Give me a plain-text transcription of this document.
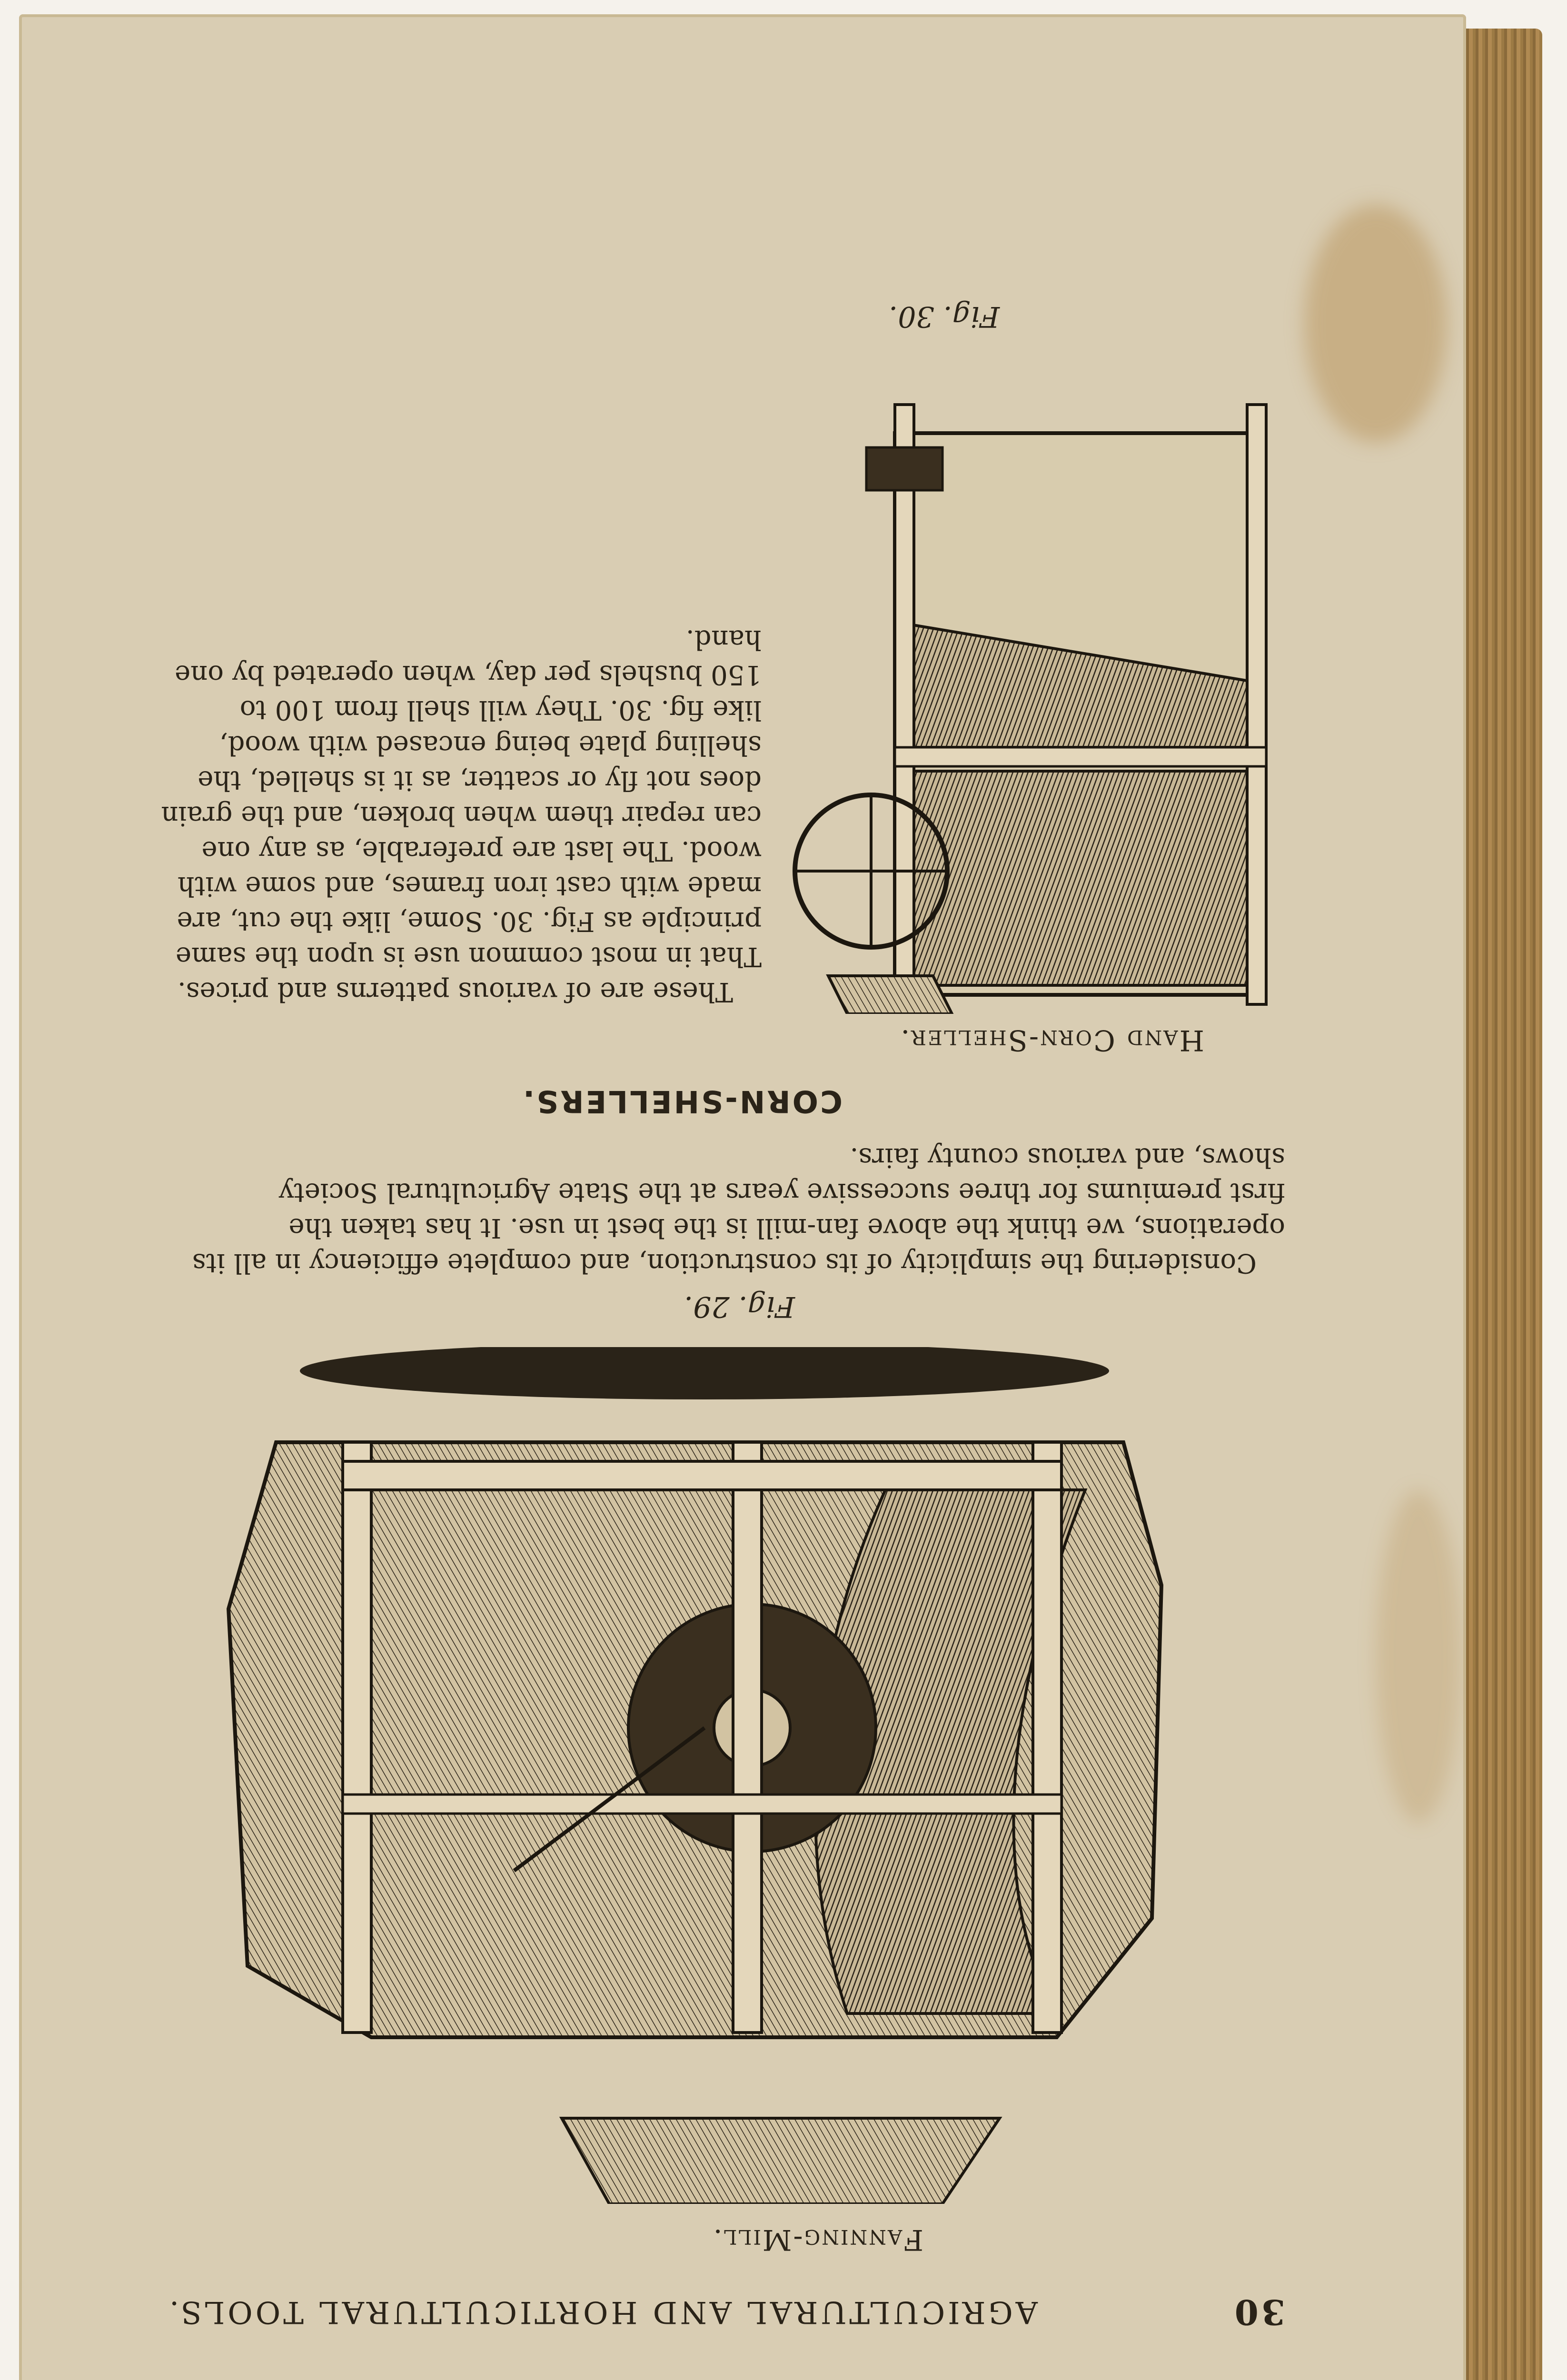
30
AGRICULTURAL AND HORTICULTURAL TOOLS.
Fanning-Mill.
Fig. 29.
Considering the simplicity of its construction, and complete efficiency in all its
operations, we think the above fan-mill is the best in use. It has taken the
first premiums for three successive years at the State Agricultural Society
shows, and various county fairs.
CORN-SHELLERS.
Hand Corn-Sheller.
These are of various patterns and prices.
That in most common use is upon the same
principle as Fig. 30. Some, like the cut, are
made with cast iron frames, and some with
wood. The last are preferable, as any one
can repair them when broken, and the grain
does not fly or scatter, as it is shelled, the
shelling plate being encased with wood,
like fig. 30. They will shell from 100 to
150 bushels per day, when operated by one
hand.
Fig. 30.
